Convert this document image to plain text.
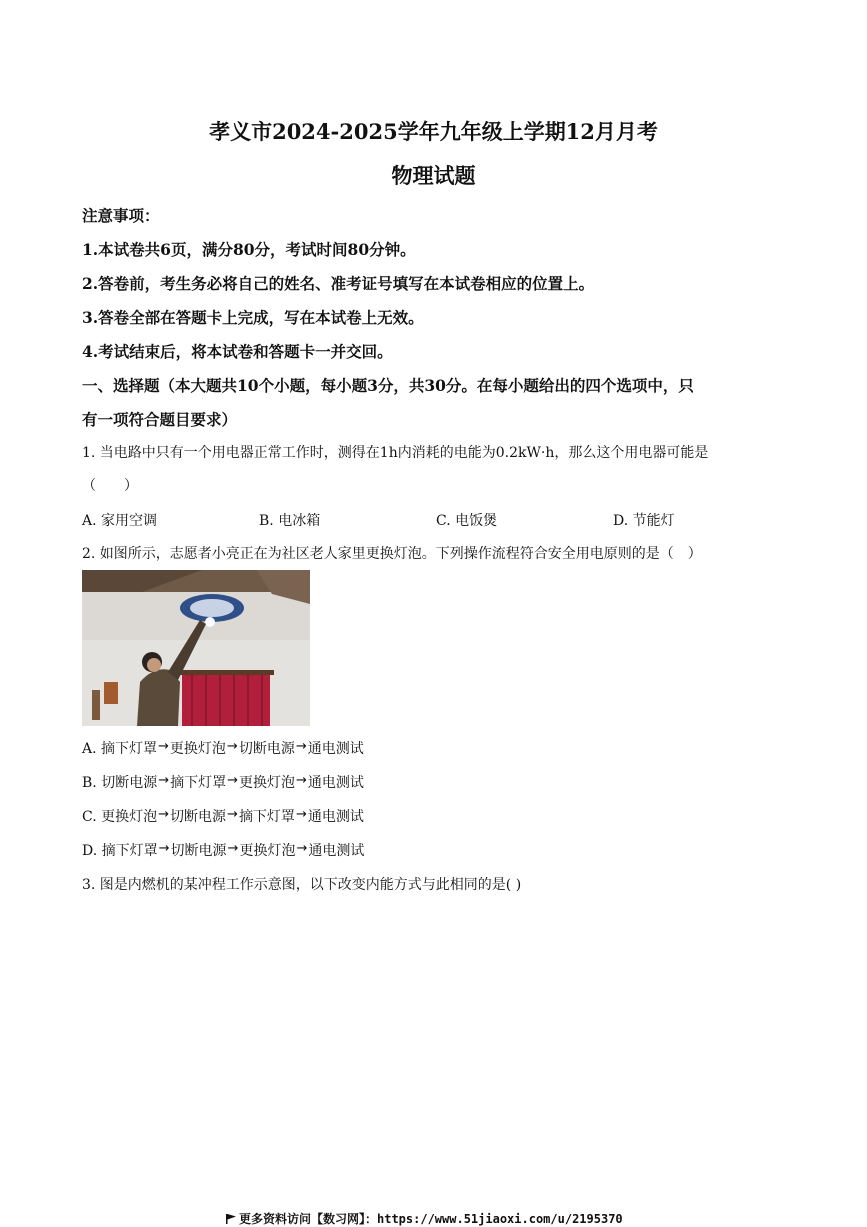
孝义市2024-2025学年九年级上学期12月月考
物理试题
注意事项：
1.本试卷共6页，满分80分，考试时间80分钟。
2.答卷前，考生务必将自己的姓名、准考证号填写在本试卷相应的位置上。
3.答卷全部在答题卡上完成，写在本试卷上无效。
4.考试结束后，将本试卷和答题卡一并交回。
一、选择题（本大题共10个小题，每小题3分，共30分。在每小题给出的四个选项中，只
有一项符合题目要求）
1. 当电路中只有一个用电器正常工作时，测得在1h内消耗的电能为0.2kW·h，那么这个用电器可能是
（　　）
A. 家用空调	B. 电冰箱	C. 电饭煲	D. 节能灯
2. 如图所示，志愿者小亮正在为社区老人家里更换灯泡。下列操作流程符合安全用电原则的是（　）
A. 摘下灯罩→更换灯泡→切断电源→通电测试
B. 切断电源→摘下灯罩→更换灯泡→通电测试
C. 更换灯泡→切断电源→摘下灯罩→通电测试
D. 摘下灯罩→切断电源→更换灯泡→通电测试
3. 图是内燃机的某冲程工作示意图，以下改变内能方式与此相同的是( )
更多资料访问【数习网】：https://www.51jiaoxi.com/u/2195370
